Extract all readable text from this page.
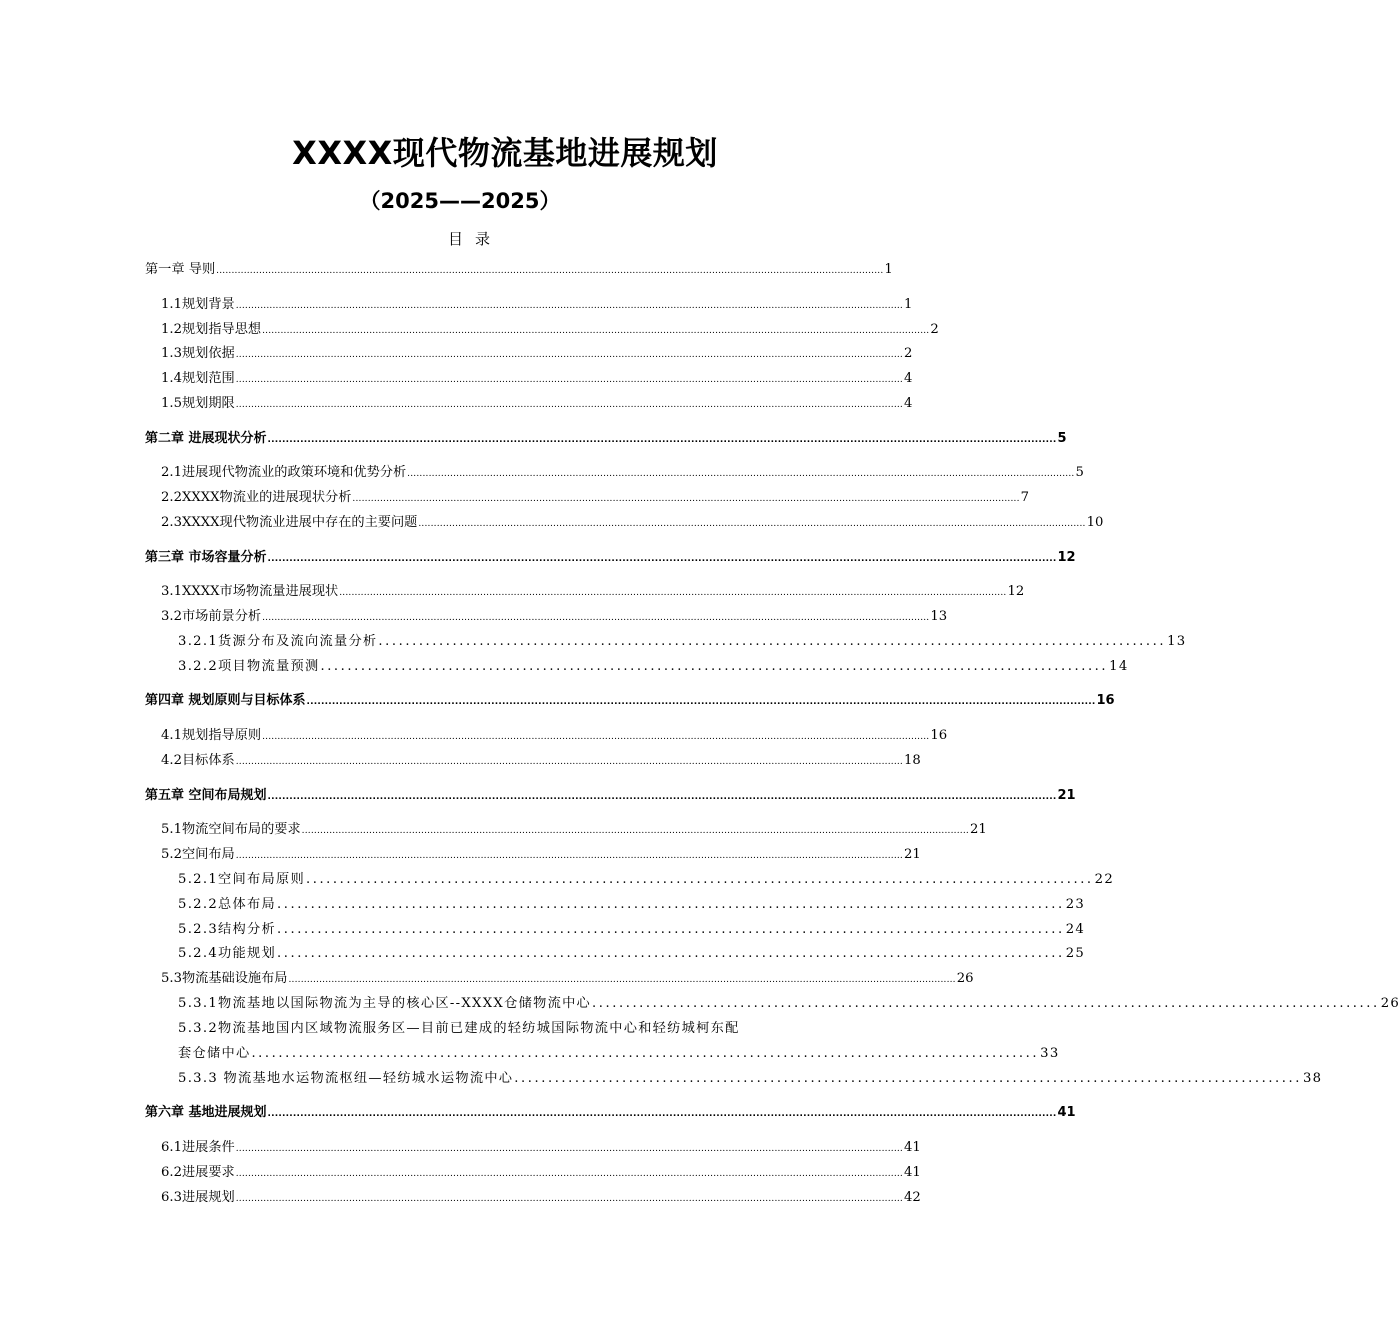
XXXX现代物流基地进展规划
（2025——2025）
目录
第一章 导则 .......................................................................................................................................................................................................................... 1
1.1规划背景 .......................................................................................................................................................................................................................... 1
1.2规划指导思想 .......................................................................................................................................................................................................................... 2
1.3规划依据 .......................................................................................................................................................................................................................... 2
1.4规划范围 .......................................................................................................................................................................................................................... 4
1.5规划期限 .......................................................................................................................................................................................................................... 4
第二章 进展现状分析 .......................................................................................................................................................................................................................... 5
2.1进展现代物流业的政策环境和优势分析 .......................................................................................................................................................................................................................... 5
2.2XXXX物流业的进展现状分析 .......................................................................................................................................................................................................................... 7
2.3XXXX现代物流业进展中存在的主要问题 .......................................................................................................................................................................................................................... 10
第三章 市场容量分析 .......................................................................................................................................................................................................................... 12
3.1XXXX市场物流量进展现状 .......................................................................................................................................................................................................................... 12
3.2市场前景分析 .......................................................................................................................................................................................................................... 13
3.2.1货源分布及流向流量分析 ..................................................................................................................... 13
3.2.2项目物流量预测 ..................................................................................................................... 14
第四章 规划原则与目标体系 .......................................................................................................................................................................................................................... 16
4.1规划指导原则 .......................................................................................................................................................................................................................... 16
4.2目标体系 .......................................................................................................................................................................................................................... 18
第五章 空间布局规划 .......................................................................................................................................................................................................................... 21
5.1物流空间布局的要求 .......................................................................................................................................................................................................................... 21
5.2空间布局 .......................................................................................................................................................................................................................... 21
5.2.1空间布局原则 ..................................................................................................................... 22
5.2.2总体布局 ..................................................................................................................... 23
5.2.3结构分析 ..................................................................................................................... 24
5.2.4功能规划 ..................................................................................................................... 25
5.3物流基础设施布局 .......................................................................................................................................................................................................................... 26
5.3.1物流基地以国际物流为主导的核心区--XXXX仓储物流中心 ..................................................................................................................... 26
5.3.2物流基地国内区域物流服务区—目前已建成的轻纺城国际物流中心和轻纺城柯东配
套仓储中心 ..................................................................................................................... 33
5.3.3 物流基地水运物流枢纽—轻纺城水运物流中心 ..................................................................................................................... 38
第六章 基地进展规划 .......................................................................................................................................................................................................................... 41
6.1进展条件 .......................................................................................................................................................................................................................... 41
6.2进展要求 .......................................................................................................................................................................................................................... 41
6.3进展规划 .......................................................................................................................................................................................................................... 42
